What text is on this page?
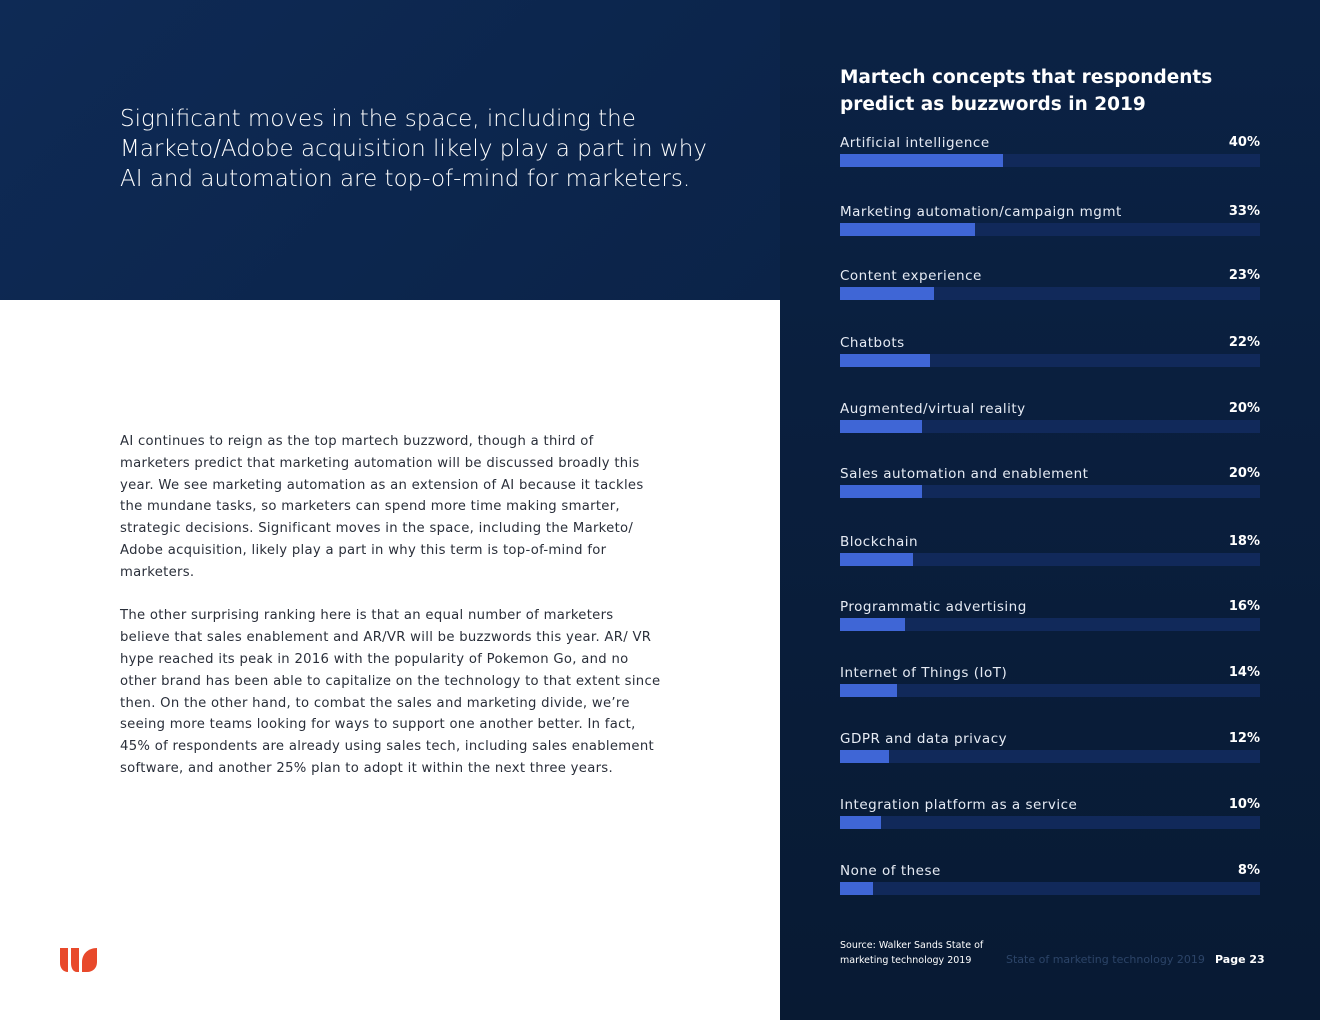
Significant moves in the space, including the Marketo/Adobe acquisition likely play a part in why AI and automation are top-of-mind for marketers.

AI continues to reign as the top martech buzzword, though a third of marketers predict that marketing automation will be discussed broadly this year. We see marketing automation as an extension of AI because it tackles the mundane tasks, so marketers can spend more time making smarter, strategic decisions. Significant moves in the space, including the Marketo/ Adobe acquisition, likely play a part in why this term is top-of-mind for marketers.

The other surprising ranking here is that an equal number of marketers believe that sales enablement and AR/VR will be buzzwords this year. AR/ VR hype reached its peak in 2016 with the popularity of Pokemon Go, and no other brand has been able to capitalize on the technology to that extent since then. On the other hand, to combat the sales and marketing divide, we’re seeing more teams looking for ways to support one another better. In fact, 45% of respondents are already using sales tech, including sales enablement software, and another 25% plan to adopt it within the next three years.

Martech concepts that respondents predict as buzzwords in 2019
Artificial intelligence	40%
Marketing automation/campaign mgmt	33%
Content experience	23%
Chatbots	22%
Augmented/virtual reality	20%
Sales automation and enablement	20%
Blockchain	18%
Programmatic advertising	16%
Internet of Things (IoT)	14%
GDPR and data privacy	12%
Integration platform as a service	10%
None of these	8%
Source: Walker Sands State of marketing technology 2019	State of marketing technology 2019 Page 23
